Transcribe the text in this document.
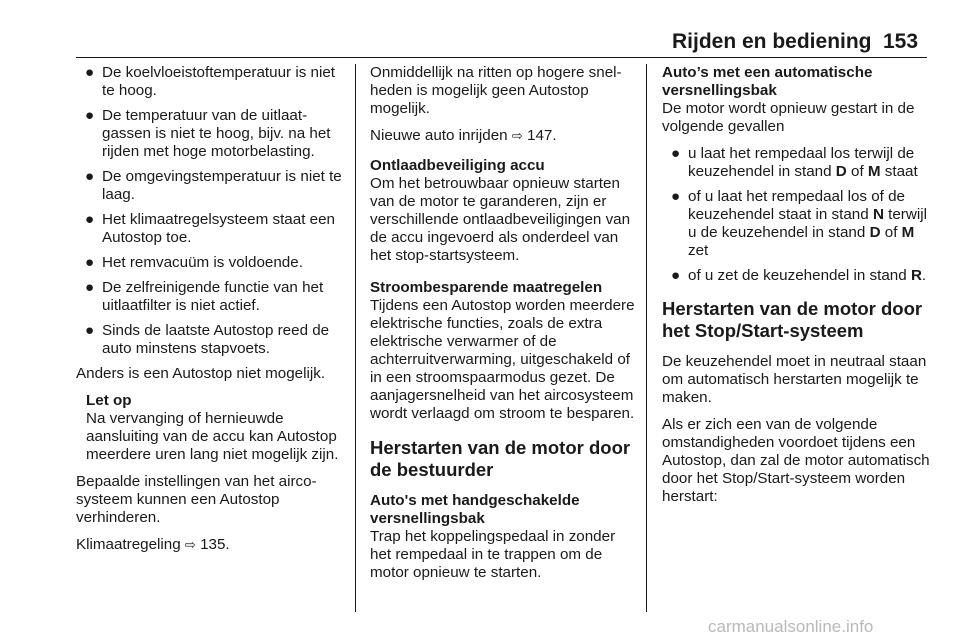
Rijden en bediening 153
● De koelvloeistoftemperatuur is niet te hoog.
● De temperatuur van de uitlaatgassen is niet te hoog, bijv. na het rijden met hoge motorbelasting.
● De omgevingstemperatuur is niet te laag.
● Het klimaatregelsysteem staat een Autostop toe.
● Het remvacuüm is voldoende.
● De zelfreinigende functie van het uitlaatfilter is niet actief.
● Sinds de laatste Autostop reed de auto minstens stapvoets.

Anders is een Autostop niet mogelijk.

Let op
Na vervanging of hernieuwde aansluiting van de accu kan Autostop meerdere uren lang niet mogelijk zijn.

Bepaalde instellingen van het aircosysteem kunnen een Autostop verhinderen.

Klimaatregeling ⇨ 135.

Onmiddellijk na ritten op hogere snelheden is mogelijk geen Autostop mogelijk.

Nieuwe auto inrijden ⇨ 147.

Ontlaadbeveiliging accu

Om het betrouwbaar opnieuw starten van de motor te garanderen, zijn er verschillende ontlaadbeveiligingen van de accu ingevoerd als onderdeel van het stop-startsysteem.

Stroombesparende maatregelen

Tijdens een Autostop worden meerdere elektrische functies, zoals de extra elektrische verwarmer of de achterruitverwarming, uitgeschakeld of in een stroomspaarmodus gezet. De aanjagersnelheid van het aircosysteem wordt verlaagd om stroom te besparen.

Herstarten van de motor door de bestuurder
Auto's met handgeschakelde versnellingsbak

Trap het koppelingspedaal in zonder het rempedaal in te trappen om de motor opnieuw te starten.

Auto’s met een automatische versnellingsbak

De motor wordt opnieuw gestart in de volgende gevallen

● u laat het rempedaal los terwijl de keuzehendel in stand D of M staat
● of u laat het rempedaal los of de keuzehendel staat in stand N terwijl u de keuzehendel in stand D of M zet
● of u zet de keuzehendel in stand R.
Herstarten van de motor door het Stop/Start-systeem

De keuzehendel moet in neutraal staan om automatisch herstarten mogelijk te maken.

Als er zich een van de volgende omstandigheden voordoet tijdens een Autostop, dan zal de motor automatisch door het Stop/Start-systeem worden herstart:

carmanualsonline.info
